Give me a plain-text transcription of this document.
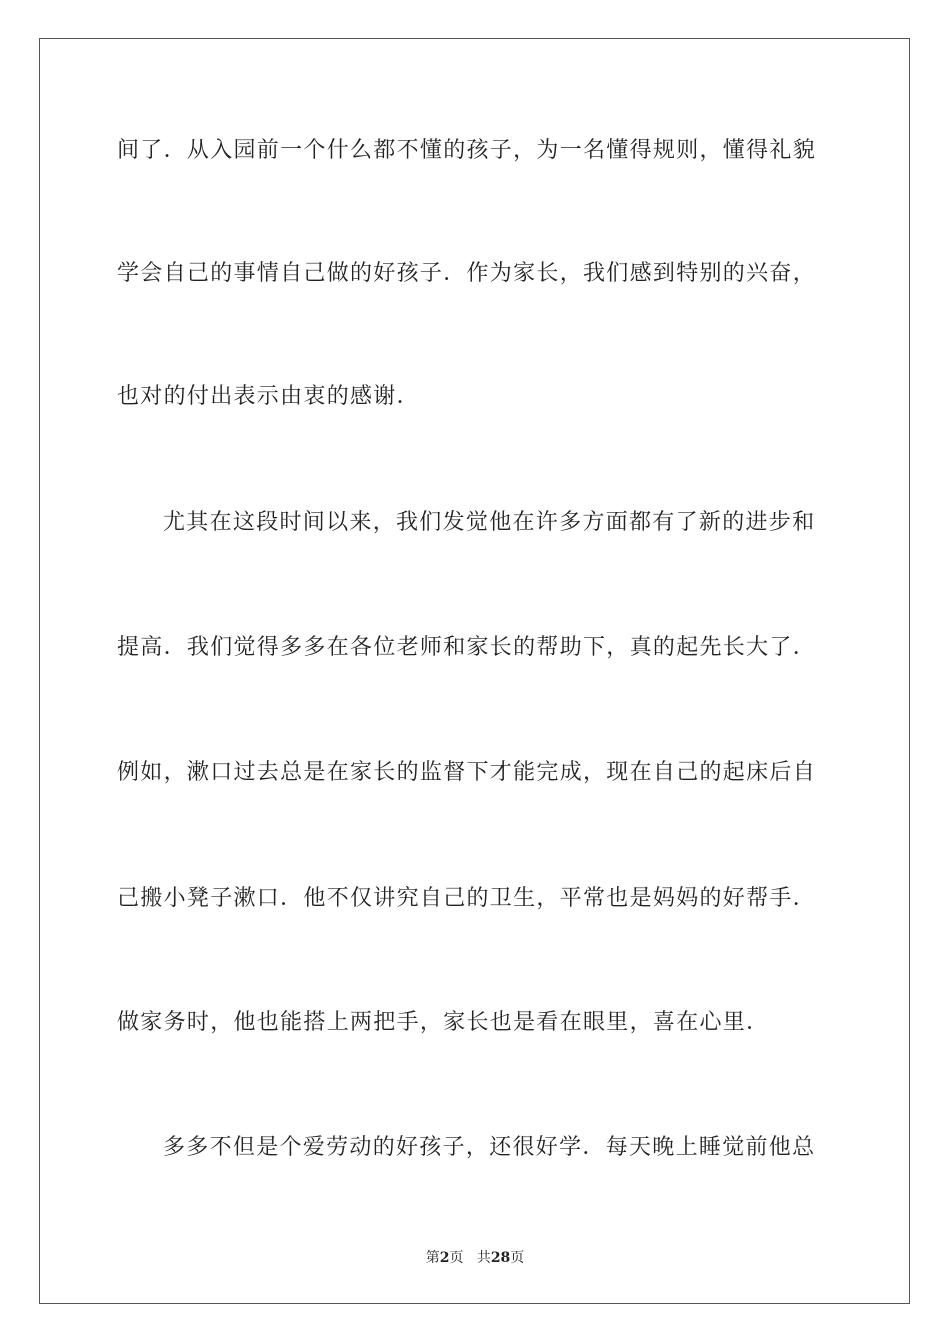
间了．从入园前一个什么都不懂的孩子，为一名懂得规则，懂得礼貌
学会自己的事情自己做的好孩子．作为家长，我们感到特别的兴奋，
也对的付出表示由衷的感谢．
尤其在这段时间以来，我们发觉他在许多方面都有了新的进步和
提高．我们觉得多多在各位老师和家长的帮助下，真的起先长大了．
例如，漱口过去总是在家长的监督下才能完成，现在自己的起床后自
己搬小凳子漱口．他不仅讲究自己的卫生，平常也是妈妈的好帮手．
做家务时，他也能搭上两把手，家长也是看在眼里，喜在心里．
多多不但是个爱劳动的好孩子，还很好学．每天晚上睡觉前他总
第2页 共28页
